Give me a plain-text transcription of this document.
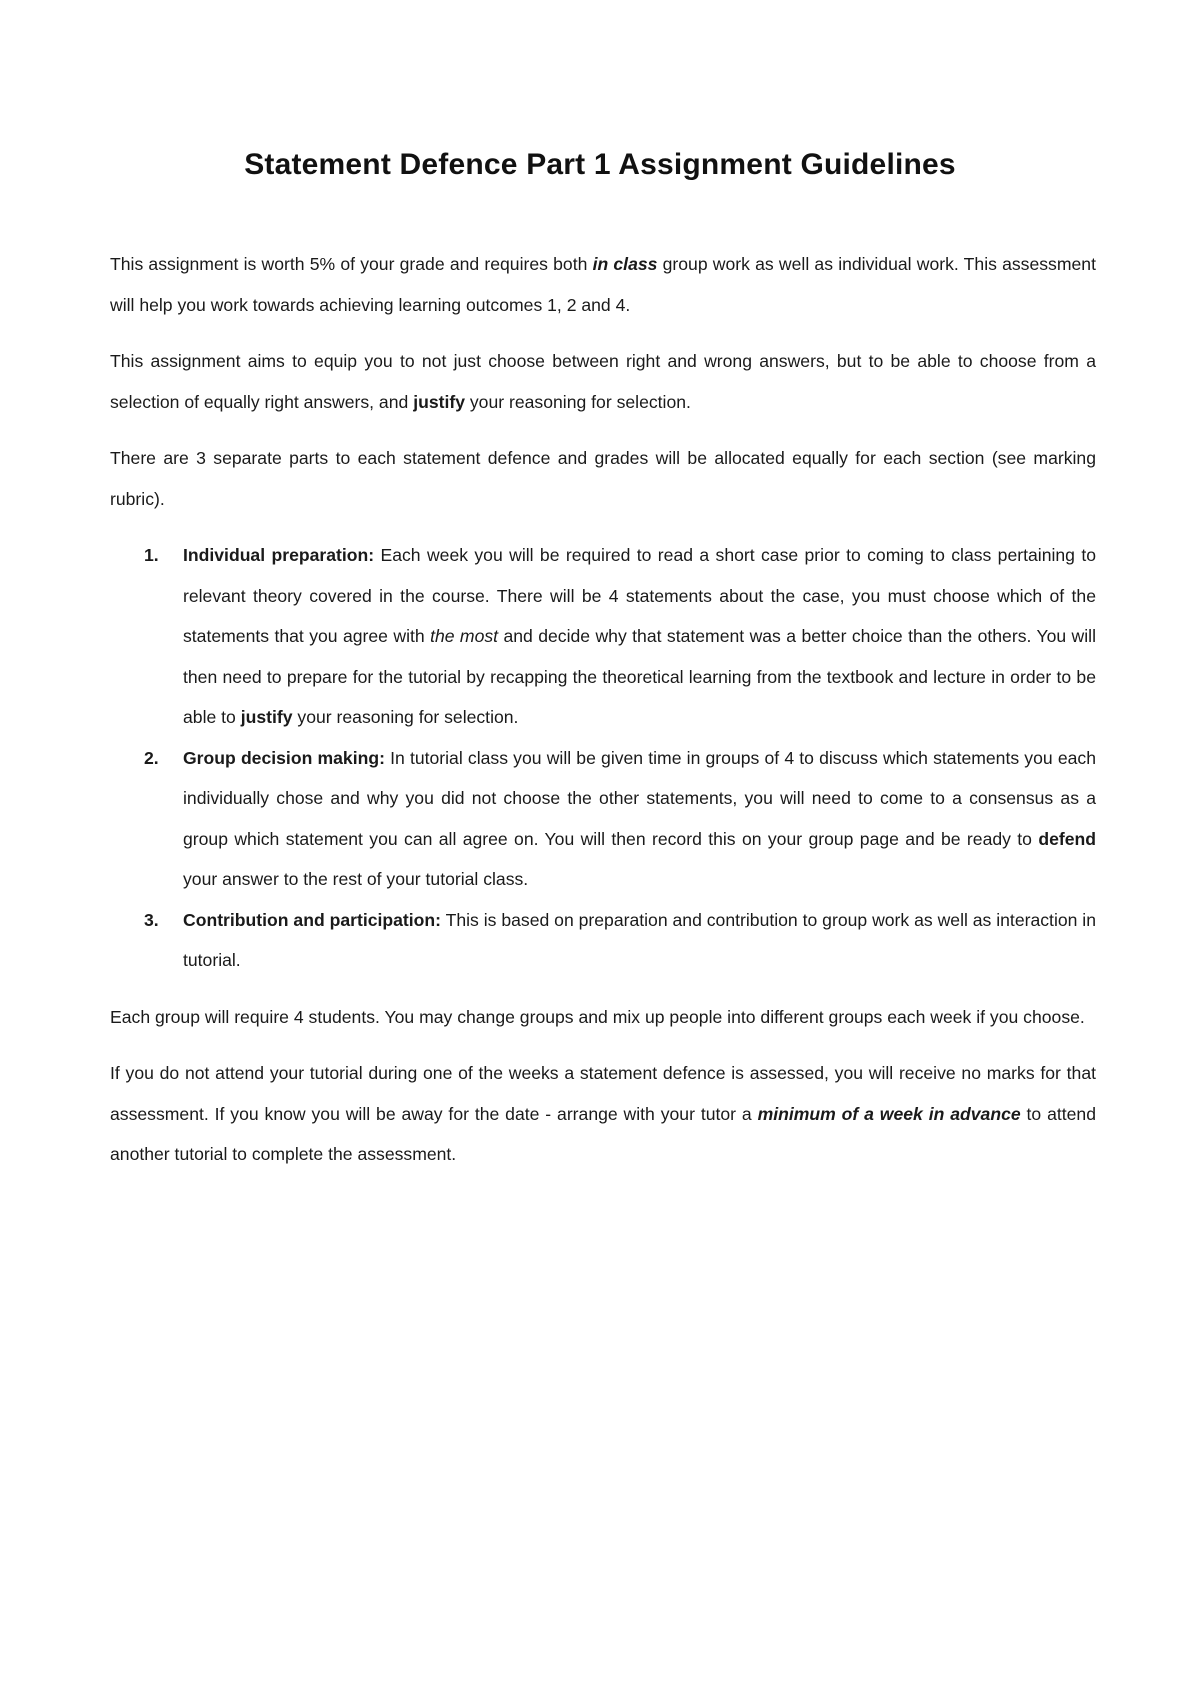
Statement Defence Part 1 Assignment Guidelines

This assignment is worth 5% of your grade and requires both in class group work as well as individual work. This assessment will help you work towards achieving learning outcomes 1, 2 and 4.

This assignment aims to equip you to not just choose between right and wrong answers, but to be able to choose from a selection of equally right answers, and justify your reasoning for selection.

There are 3 separate parts to each statement defence and grades will be allocated equally for each section (see marking rubric).

1. Individual preparation: Each week you will be required to read a short case prior to coming to class pertaining to relevant theory covered in the course. There will be 4 statements about the case, you must choose which of the statements that you agree with the most and decide why that statement was a better choice than the others. You will then need to prepare for the tutorial by recapping the theoretical learning from the textbook and lecture in order to be able to justify your reasoning for selection.
2. Group decision making: In tutorial class you will be given time in groups of 4 to discuss which statements you each individually chose and why you did not choose the other statements, you will need to come to a consensus as a group which statement you can all agree on. You will then record this on your group page and be ready to defend your answer to the rest of your tutorial class.
3. Contribution and participation: This is based on preparation and contribution to group work as well as interaction in tutorial.

Each group will require 4 students. You may change groups and mix up people into different groups each week if you choose.

If you do not attend your tutorial during one of the weeks a statement defence is assessed, you will receive no marks for that assessment. If you know you will be away for the date - arrange with your tutor a minimum of a week in advance to attend another tutorial to complete the assessment.
